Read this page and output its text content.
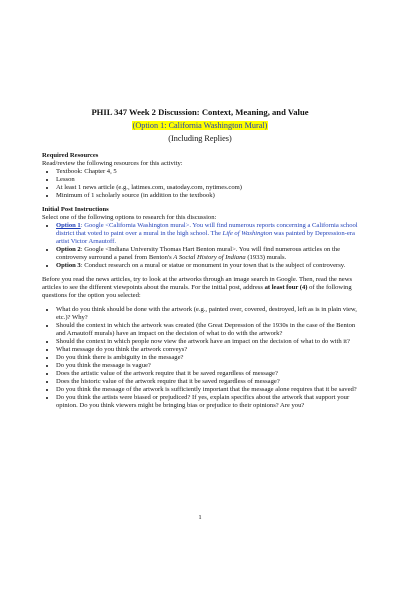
PHIL 347 Week 2 Discussion: Context, Meaning, and Value
(Option 1: California Washington Mural)
(Including Replies)

Required Resources

Read/review the following resources for this activity:

• Textbook: Chapter 4, 5
• Lesson
• At least 1 news article (e.g., latimes.com, usatoday.com, nytimes.com)
• Minimum of 1 scholarly source (in addition to the textbook)

Initial Post Instructions

Select one of the following options to research for this discussion:

• Option 1: Google <California Washington mural>. You will find numerous reports concerning a California school district that voted to paint over a mural in the high school. The Life of Washington was painted by Depression-era artist Victor Arnautoff.
• Option 2: Google <Indiana University Thomas Hart Benton mural>. You will find numerous articles on the controversy surround a panel from Benton's A Social History of Indiana (1933) murals.
• Option 3: Conduct research on a mural or statue or monument in your town that is the subject of controversy.

Before you read the news articles, try to look at the artworks through an image search in Google. Then, read the news articles to see the different viewpoints about the murals. For the initial post, address at least four (4) of the following questions for the option you selected:

• What do you think should be done with the artwork (e.g., painted over, covered, destroyed, left as is in plain view, etc.)? Why?
• Should the context in which the artwork was created (the Great Depression of the 1930s in the case of the Benton and Arnautoff murals) have an impact on the decision of what to do with the artwork?
• Should the context in which people now view the artwork have an impact on the decision of what to do with it?
• What message do you think the artwork conveys?
• Do you think there is ambiguity in the message?
• Do you think the message is vague?
• Does the artistic value of the artwork require that it be saved regardless of message?
• Does the historic value of the artwork require that it be saved regardless of message?
• Do you think the message of the artwork is sufficiently important that the message alone requires that it be saved?
• Do you think the artists were biased or prejudiced? If yes, explain specifics about the artwork that support your opinion. Do you think viewers might be bringing bias or prejudice to their opinions? Are you?
1
